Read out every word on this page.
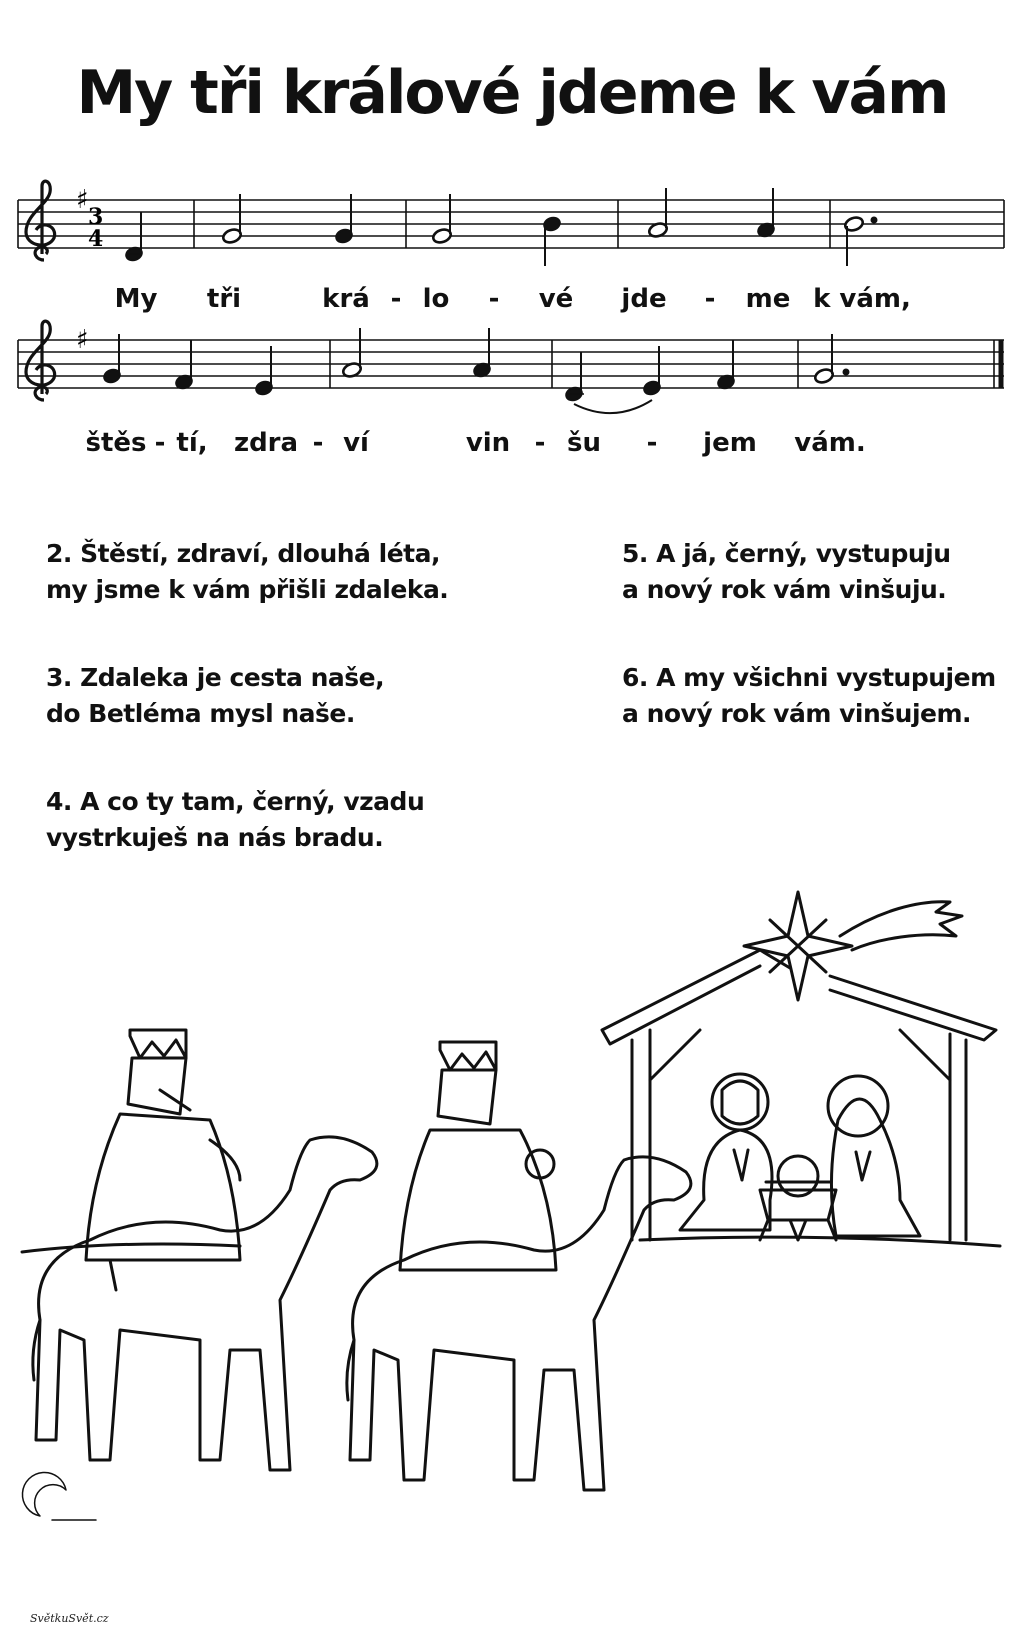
My tři králové jdeme k vám
♯
3
4
My tři	krá - lo - vé jde - me k vám,
♯
štěs - tí, zdra - ví	vin - šu - jem vám.
2. Štěstí, zdraví, dlouhá léta,
my jsme k vám přišli zdaleka.
3. Zdaleka je cesta naše,
do Betléma mysl naše.
4. A co ty tam, černý, vzadu
vystrkuješ na nás bradu.
5. A já, černý, vystupuju
a nový rok vám vinšuju.
6. A my všichni vystupujem
a nový rok vám vinšujem.
SvětkuSvět.cz
